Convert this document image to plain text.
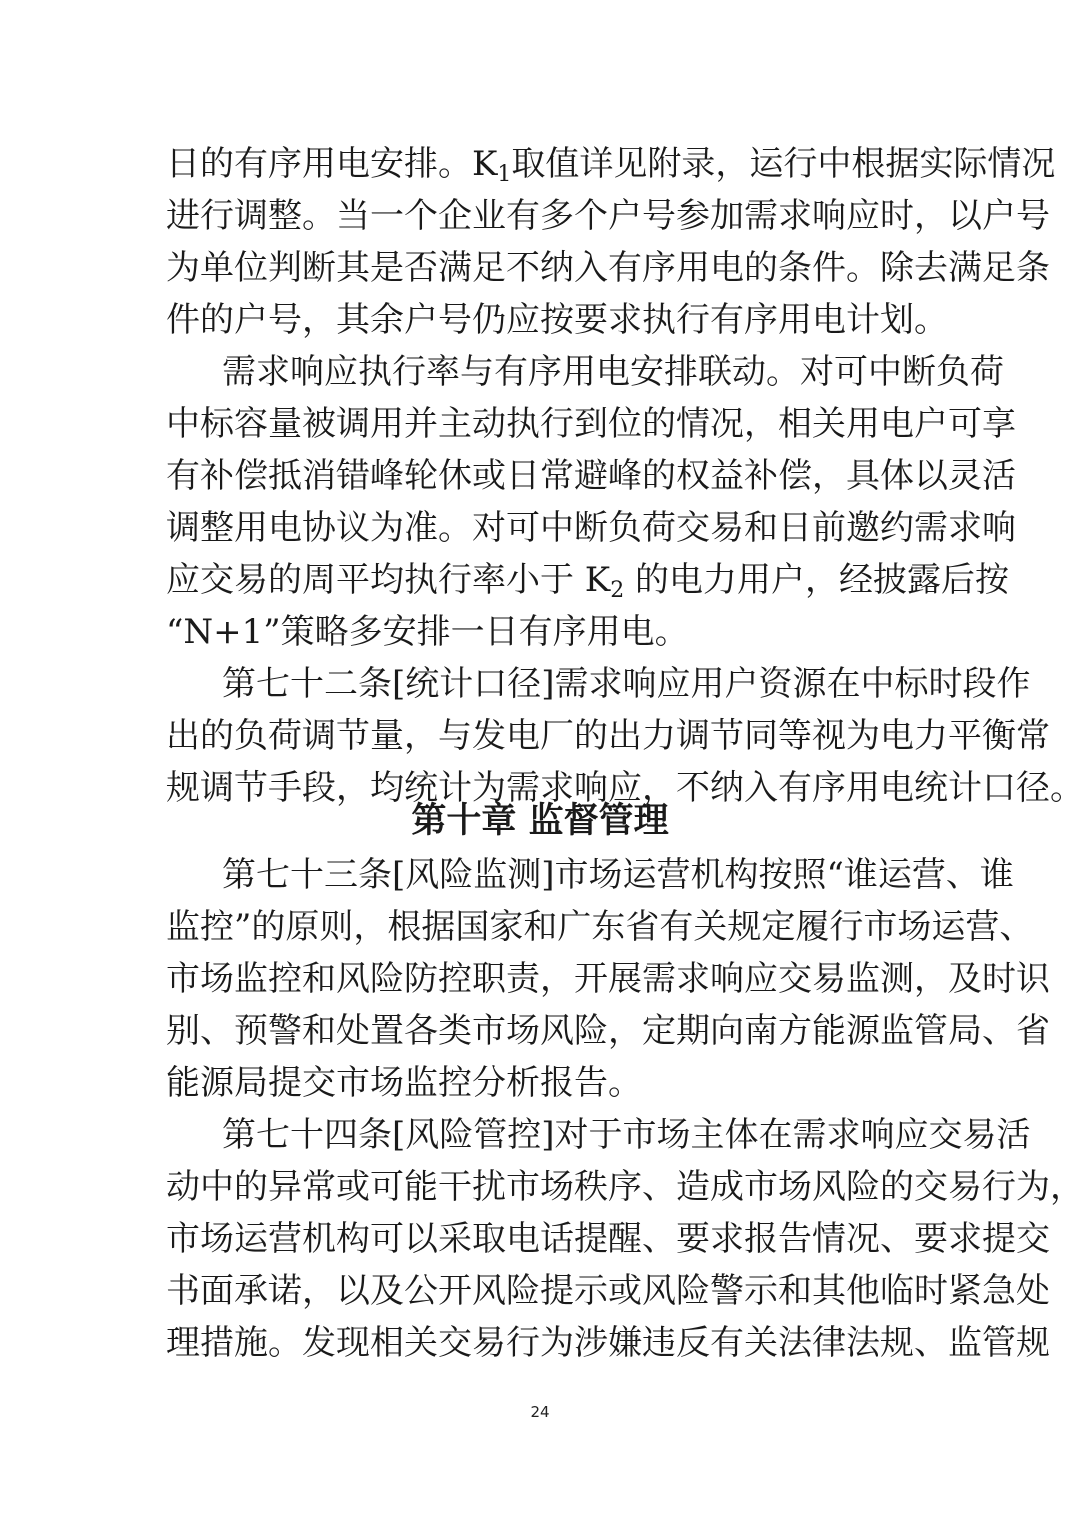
日的有序用电安排。$K_1$取值详见附录，运行中根据实际情况
进行调整。当一个企业有多个户号参加需求响应时，以户号
为单位判断其是否满足不纳入有序用电的条件。除去满足条
件的户号，其余户号仍应按要求执行有序用电计划。
需求响应执行率与有序用电安排联动。对可中断负荷
中标容量被调用并主动执行到位的情况，相关用电户可享
有补偿抵消错峰轮休或日常避峰的权益补偿，具体以灵活
调整用电协议为准。对可中断负荷交易和日前邀约需求响
应交易的周平均执行率小于 $K_2$ 的电力用户，经披露后按
“N+1”策略多安排一日有序用电。
第七十二条[统计口径]需求响应用户资源在中标时段作
出的负荷调节量，与发电厂的出力调节同等视为电力平衡常
规调节手段，均统计为需求响应，不纳入有序用电统计口径。
第十章 监督管理
第七十三条[风险监测]市场运营机构按照“谁运营、谁
监控”的原则，根据国家和广东省有关规定履行市场运营、
市场监控和风险防控职责，开展需求响应交易监测，及时识
别、预警和处置各类市场风险，定期向南方能源监管局、省
能源局提交市场监控分析报告。
第七十四条[风险管控]对于市场主体在需求响应交易活
动中的异常或可能干扰市场秩序、造成市场风险的交易行为，
市场运营机构可以采取电话提醒、要求报告情况、要求提交
书面承诺，以及公开风险提示或风险警示和其他临时紧急处
理措施。发现相关交易行为涉嫌违反有关法律法规、监管规
24
